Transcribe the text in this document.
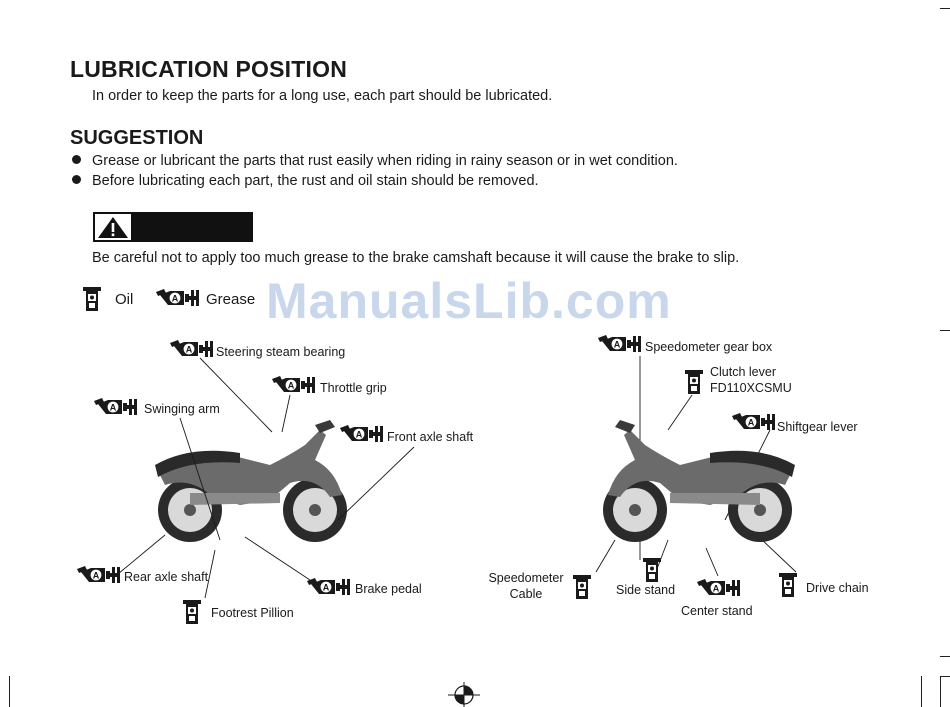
LUBRICATION POSITION
In order to keep the parts for a long use, each part should be lubricated.
SUGGESTION
Grease or lubricant the parts that rust easily when riding in rainy season or in wet condition.
Before lubricating each part, the rust and oil stain should be removed.
Be careful not to apply too much grease to the brake camshaft because it will cause the brake to slip.
Oil	Grease ManualsLib.com
Steering steam bearing
Throttle grip
Swinging arm
Front axle shaft
Rear axle shaft
Brake pedal
Footrest Pillion
Speedometer gear box
Clutch lever
FD110XCSMU
Shiftgear lever
Speedometer
Cable	Side stand
Center stand
Drive chain
